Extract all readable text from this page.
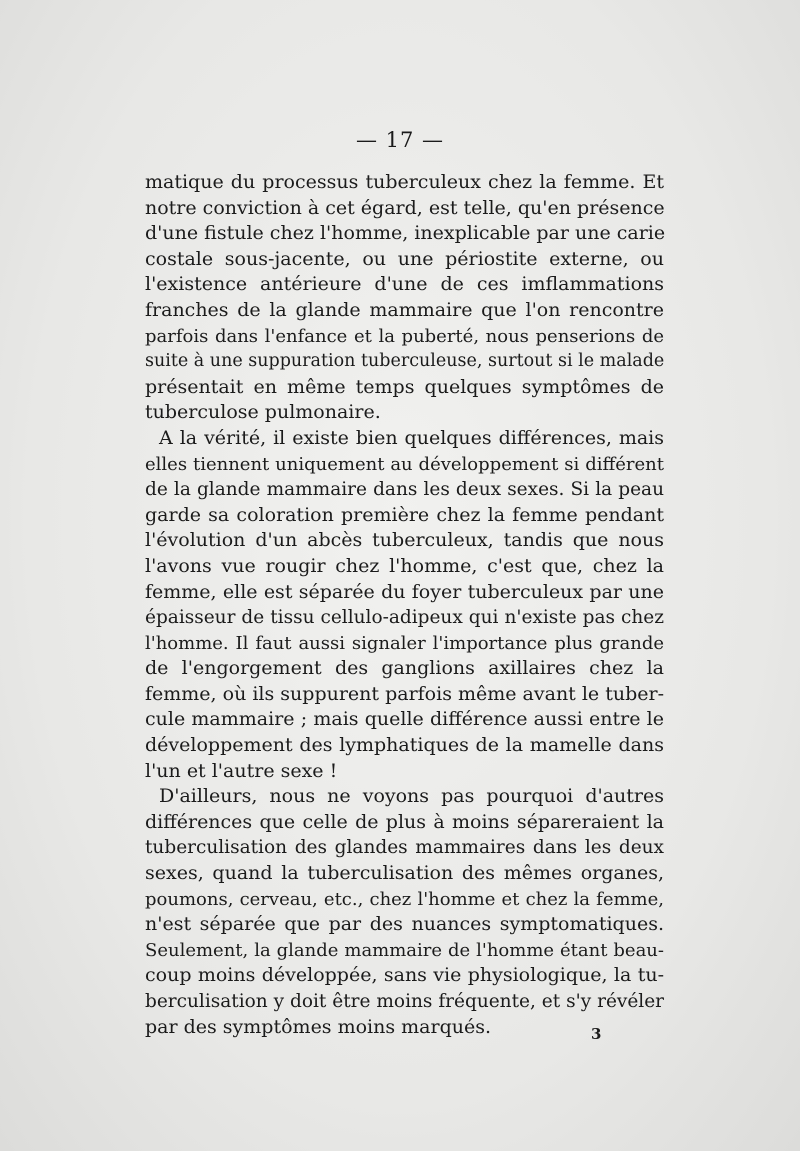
— 17 —
matique du processus tuberculeux chez la femme. Et
notre conviction à cet égard, est telle, qu'en présence
d'une fistule chez l'homme, inexplicable par une carie
costale sous-jacente, ou une périostite externe, ou
l'existence antérieure d'une de ces imflammations
franches de la glande mammaire que l'on rencontre
parfois dans l'enfance et la puberté, nous penserions de
suite à une suppuration tuberculeuse, surtout si le malade
présentait en même temps quelques symptômes de
tuberculose pulmonaire.
A la vérité, il existe bien quelques différences, mais
elles tiennent uniquement au développement si différent
de la glande mammaire dans les deux sexes. Si la peau
garde sa coloration première chez la femme pendant
l'évolution d'un abcès tuberculeux, tandis que nous
l'avons vue rougir chez l'homme, c'est que, chez la
femme, elle est séparée du foyer tuberculeux par une
épaisseur de tissu cellulo-adipeux qui n'existe pas chez
l'homme. Il faut aussi signaler l'importance plus grande
de l'engorgement des ganglions axillaires chez la
femme, où ils suppurent parfois même avant le tuber-
cule mammaire ; mais quelle différence aussi entre le
développement des lymphatiques de la mamelle dans
l'un et l'autre sexe !
D'ailleurs, nous ne voyons pas pourquoi d'autres
différences que celle de plus à moins sépareraient la
tuberculisation des glandes mammaires dans les deux
sexes, quand la tuberculisation des mêmes organes,
poumons, cerveau, etc., chez l'homme et chez la femme,
n'est séparée que par des nuances symptomatiques.
Seulement, la glande mammaire de l'homme étant beau-
coup moins développée, sans vie physiologique, la tu-
berculisation y doit être moins fréquente, et s'y révéler
par des symptômes moins marqués.	3
